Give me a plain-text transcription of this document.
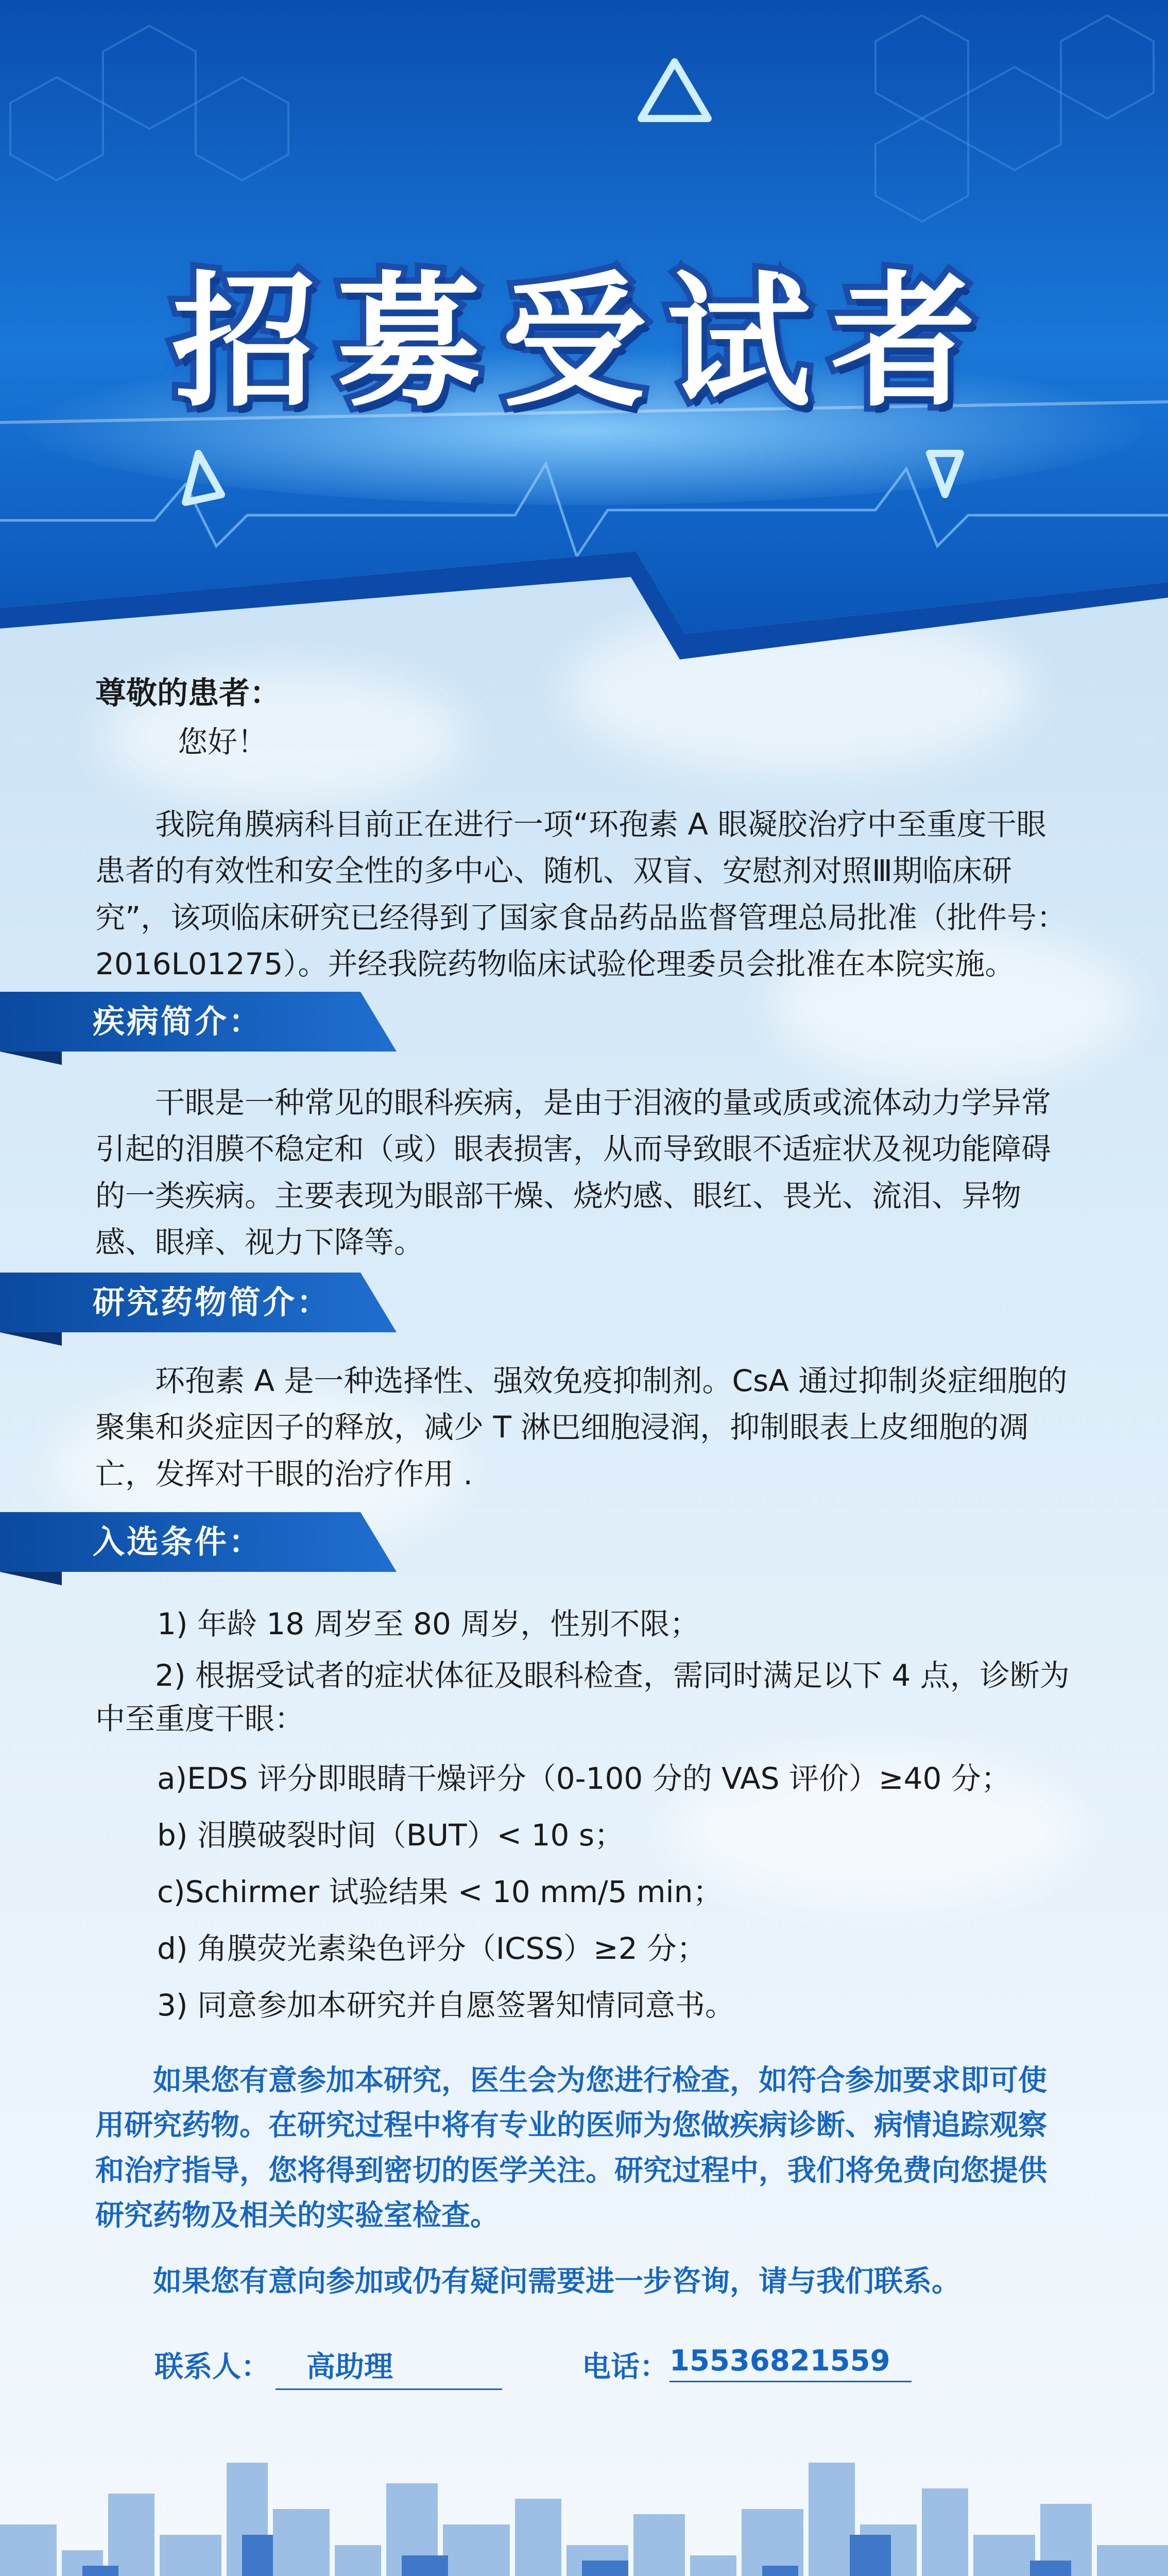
招募受试者

尊敬的患者：

您好！

我院角膜病科目前正在进行一项“环孢素 A 眼凝胶治疗中至重度干眼患者的有效性和安全性的多中心、随机、双盲、安慰剂对照Ⅲ期临床研究”，该项临床研究已经得到了国家食品药品监督管理总局批准（批件号：2016L01275）。并经我院药物临床试验伦理委员会批准在本院实施。

疾病简介：

干眼是一种常见的眼科疾病，是由于泪液的量或质或流体动力学异常引起的泪膜不稳定和（或）眼表损害，从而导致眼不适症状及视功能障碍的一类疾病。主要表现为眼部干燥、烧灼感、眼红、畏光、流泪、异物感、眼痒、视力下降等。

研究药物简介：

环孢素 A 是一种选择性、强效免疫抑制剂。CsA 通过抑制炎症细胞的聚集和炎症因子的释放，减少 T 淋巴细胞浸润，抑制眼表上皮细胞的凋亡，发挥对干眼的治疗作用 .

入选条件：

1) 年龄 18 周岁至 80 周岁，性别不限；

2) 根据受试者的症状体征及眼科检查，需同时满足以下 4 点，诊断为中至重度干眼：

a)EDS 评分即眼睛干燥评分（0-100 分的 VAS 评价）≥40 分；

b) 泪膜破裂时间（BUT）< 10 s；

c)Schirmer 试验结果 < 10 mm/5 min；

d) 角膜荧光素染色评分（ICSS）≥2 分；

3) 同意参加本研究并自愿签署知情同意书。

如果您有意参加本研究，医生会为您进行检查，如符合参加要求即可使用研究药物。在研究过程中将有专业的医师为您做疾病诊断、病情追踪观察和治疗指导，您将得到密切的医学关注。研究过程中，我们将免费向您提供研究药物及相关的实验室检查。

如果您有意向参加或仍有疑问需要进一步咨询，请与我们联系。

联系人：	高助理	电话： 15536821559
